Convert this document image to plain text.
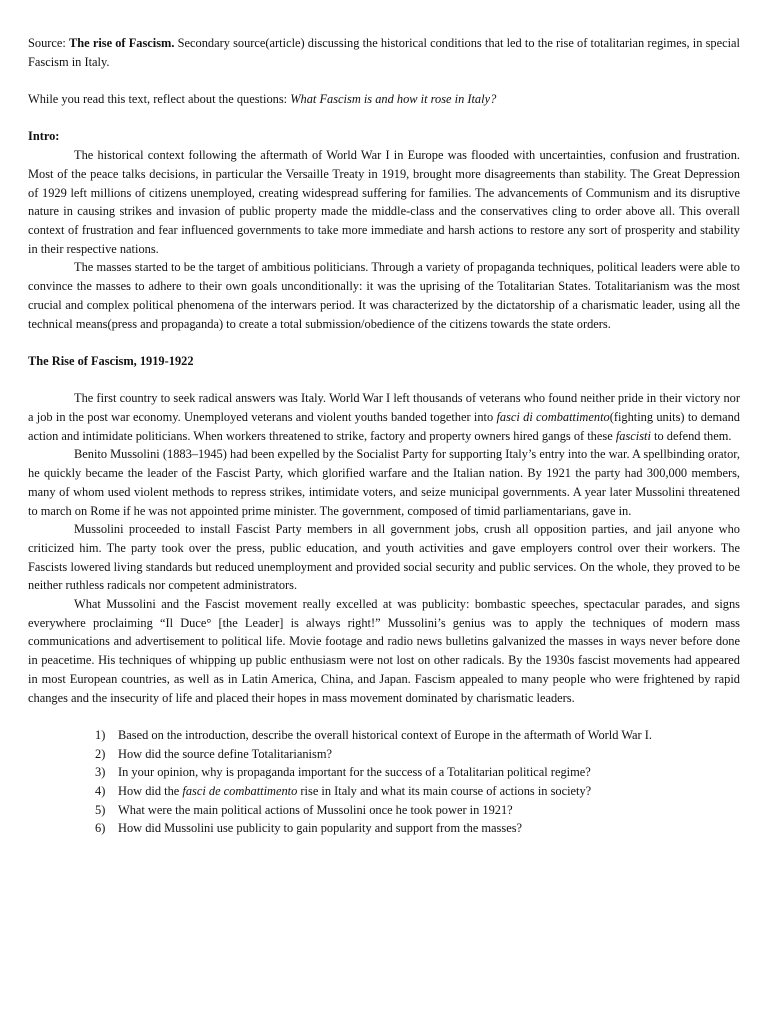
Source: The rise of Fascism. Secondary source(article) discussing the historical conditions that led to the rise of totalitarian regimes, in special Fascism in Italy.

While you read this text, reflect about the questions: What Fascism is and how it rose in Italy?

Intro:

The historical context following the aftermath of World War I in Europe was flooded with uncertainties, confusion and frustration. Most of the peace talks decisions, in particular the Versaille Treaty in 1919, brought more disagreements than stability. The Great Depression of 1929 left millions of citizens unemployed, creating widespread suffering for families. The advancements of Communism and its disruptive nature in causing strikes and invasion of public property made the middle-class and the conservatives cling to order above all. This overall context of frustration and fear influenced governments to take more immediate and harsh actions to restore any sort of prosperity and stability in their respective nations.

The masses started to be the target of ambitious politicians. Through a variety of propaganda techniques, political leaders were able to convince the masses to adhere to their own goals unconditionally: it was the uprising of the Totalitarian States. Totalitarianism was the most crucial and complex political phenomena of the interwars period. It was characterized by the dictatorship of a charismatic leader, using all the technical means(press and propaganda) to create a total submission/obedience of the citizens towards the state orders.

The Rise of Fascism, 1919-1922

The first country to seek radical answers was Italy. World War I left thousands of veterans who found neither pride in their victory nor a job in the post war economy. Unemployed veterans and violent youths banded together into fasci di combattimento(fighting units) to demand action and intimidate politicians. When workers threatened to strike, factory and property owners hired gangs of these fascisti to defend them.

Benito Mussolini (1883–1945) had been expelled by the Socialist Party for supporting Italy’s entry into the war. A spellbinding orator, he quickly became the leader of the Fascist Party, which glorified warfare and the Italian nation. By 1921 the party had 300,000 members, many of whom used violent methods to repress strikes, intimidate voters, and seize municipal governments. A year later Mussolini threatened to march on Rome if he was not appointed prime minister. The government, composed of timid parliamentarians, gave in.

Mussolini proceeded to install Fascist Party members in all government jobs, crush all opposition parties, and jail anyone who criticized him. The party took over the press, public education, and youth activities and gave employers control over their workers. The Fascists lowered living standards but reduced unemployment and provided social security and public services. On the whole, they proved to be neither ruthless radicals nor competent administrators.

What Mussolini and the Fascist movement really excelled at was publicity: bombastic speeches, spectacular parades, and signs everywhere proclaiming “Il Duce° [the Leader] is always right!” Mussolini’s genius was to apply the techniques of modern mass communications and advertisement to political life. Movie footage and radio news bulletins galvanized the masses in ways never before done in peacetime. His techniques of whipping up public enthusiasm were not lost on other radicals. By the 1930s fascist movements had appeared in most European countries, as well as in Latin America, China, and Japan. Fascism appealed to many people who were frightened by rapid changes and the insecurity of life and placed their hopes in mass movement dominated by charismatic leaders.

1)	Based on the introduction, describe the overall historical context of Europe in the aftermath of World War I.
2)	How did the source define Totalitarianism?
3)	In your opinion, why is propaganda important for the success of a Totalitarian political regime?
4)	How did the fasci de combattimento rise in Italy and what its main course of actions in society?
5)	What were the main political actions of Mussolini once he took power in 1921?
6)	How did Mussolini use publicity to gain popularity and support from the masses?
